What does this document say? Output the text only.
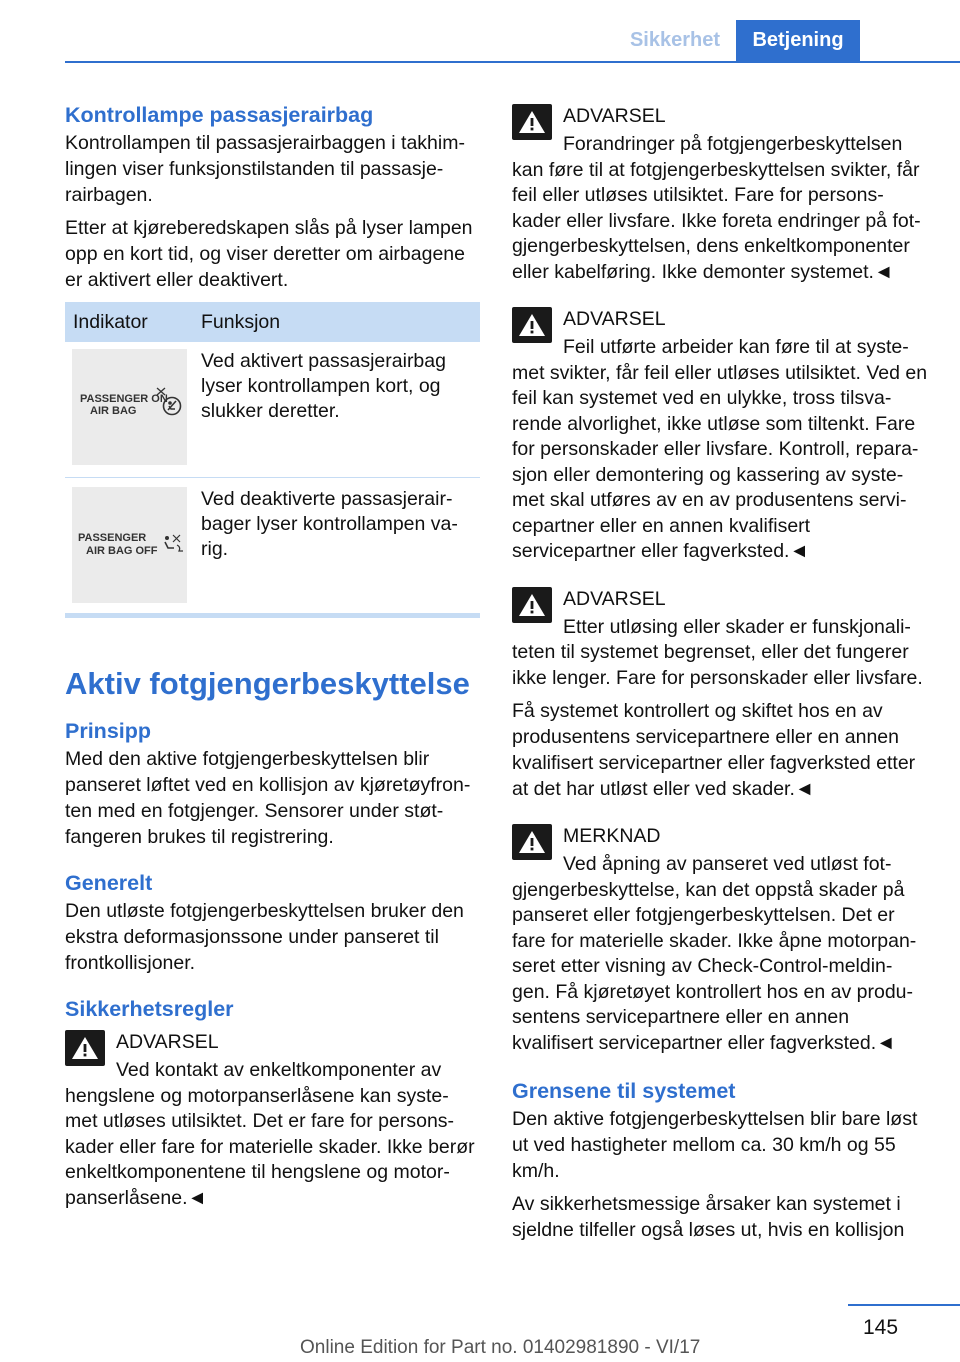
Sikkerhet	Betjening
Kontrollampe passasjerairbag

Kontrollampen til passasjerairbaggen i takhim-lingen viser funksjonstilstanden til passasje-rairbagen.

Etter at kjøreberedskapen slås på lyser lampen opp en kort tid, og viser deretter om airbagene er aktivert eller deaktivert.

Indikator	Funksjon
PASSENGER ON
AIR BAG
Ved aktivert passasjerairbag lyser kontrollampen kort, og slukker deretter.
PASSENGER
AIR BAG OFF
Ved deaktiverte passasjerair-bager lyser kontrollampen va-rig.
Aktiv fotgjengerbeskyttelse
Prinsipp

Med den aktive fotgjengerbeskyttelsen blir panseret løftet ved en kollisjon av kjøretøyfron-ten med en fotgjenger. Sensorer under støt-fangeren brukes til registrering.

Generelt

Den utløste fotgjengerbeskyttelsen bruker den ekstra deformasjonssone under panseret til frontkollisjoner.

Sikkerhetsregler
ADVARSEL
Ved kontakt av enkeltkomponenter av hengslene og motorpanserlåsene kan syste-met utløses utilsiktet. Det er fare for persons-kader eller fare for materielle skader. Ikke berør enkeltkomponentene til hengslene og motor-panserlåsene.◄
ADVARSEL
Forandringer på fotgjengerbeskyttelsen kan føre til at fotgjengerbeskyttelsen svikter, får feil eller utløses utilsiktet. Fare for persons-kader eller livsfare. Ikke foreta endringer på fot-gjengerbeskyttelsen, dens enkeltkomponenter eller kabelføring. Ikke demonter systemet.◄
ADVARSEL
Feil utførte arbeider kan føre til at syste- met svikter, får feil eller utløses utilsiktet. Ved en feil kan systemet ved en ulykke, tross tilsva-rende alvorlighet, ikke utløse som tiltenkt. Fare for personskader eller livsfare. Kontroll, repara-sjon eller demontering og kassering av syste-met skal utføres av en av produsentens servi-cepartner eller en annen kvalifisert servicepartner eller fagverksted.◄
ADVARSEL
Etter utløsing eller skader er funskjonali- teten til systemet begrenset, eller det fungerer ikke lenger. Fare for personskader eller livsfare.

Få systemet kontrollert og skiftet hos en av produsentens servicepartnere eller en annen kvalifisert servicepartner eller fagverksted etter at det har utløst eller ved skader.◄

MERKNAD
Ved åpning av panseret ved utløst fot- gjengerbeskyttelse, kan det oppstå skader på panseret eller fotgjengerbeskyttelsen. Det er fare for materielle skader. Ikke åpne motorpan-seret etter visning av Check-Control-meldin-gen. Få kjøretøyet kontrollert hos en av produ-sentens servicepartnere eller en annen kvalifisert servicepartner eller fagverksted.◄
Grensene til systemet

Den aktive fotgjengerbeskyttelsen blir bare løst ut ved hastigheter mellom ca. 30 km/h og 55 km/h.

Av sikkerhetsmessige årsaker kan systemet i sjeldne tilfeller også løses ut, hvis en kollisjon

145
Online Edition for Part no. 01402981890 - VI/17
